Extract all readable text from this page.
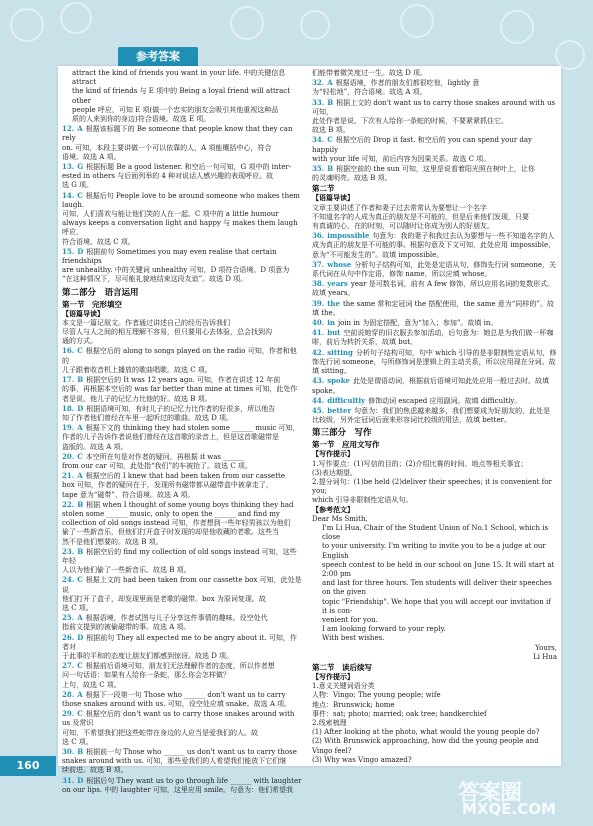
参考答案
attract the kind of friends you want in your life. 中的关键信息 attract
the kind of friends 与 E 项中的 Being a loyal friend will attract other
people 呼应，可知 E 项(做一个忠实的朋友会吸引其他重视这种品
质的人来到你的身边)符合语境。故选 E 项。
12. A 根据该标题下的 Be someone that people know that they can rely
on. 可知，本段主要讲做一个可以依靠的人，A 项能概括中心，符合
语境。故选 A 项。
13. G 根据标题 Be a good listener. 和空后一句可知，G 项中的 inter-
ested in others 与后面列举的 4 种对说话人感兴趣的表现呼应。故
选 G 项。
14. C 根据后句 People love to be around someone who makes them laugh.
可知，人们喜欢与能让他们笑的人在一起。C 项中的 a little humour
always keeps a conversation light and happy 与 makes them laugh 呼应，
符合语境。故选 C 项。
15. D 根据前句 Sometimes you may even realise that certain friendships
are unhealthy. 中的关键词 unhealthy 可知，D 项符合语境。D 项意为
“在这种情况下，尽可能礼貌地结束这段友谊”。故选 D 项。
第二部分　语言运用
第一节　完形填空
【语篇导读】
本文是一篇记叙文。作者通过讲述自己的经历告诉我们
尽管人与人之间的相互理解不容易，但只要用心去体验，总会找到沟
通的方式。
16. C 根据空后的 along to songs played on the radio 可知，作者和他的
儿子跟着收音机上播放的歌曲唱歌。故选 C 项。
17. B 根据空后的 It was 12 years ago. 可知，作者在讲述 12 年前
的事，再根据本空后的 was far better than mine at times 可知，此处作
者是说，他儿子的记忆力比他的好。故选 B 项。
18. D 根据语境可知，有时儿子的记忆力比作者的好很多，所以他告
知了作者他们曾经在车里一起听过的歌曲。故选 D 项。
19. A 根据下文的 thinking they had stolen some ______ music 可知，
作者的儿子告诉作者说他们曾经在这首歌的录音上，但是这首歌磁带是
盗版的。故选 A 项。
20. C 本空所在句是对作者的疑问，再根据 it was ______
from our car 可知，此处指“我们”的车被抢了。故选 C 项。
21. A 根据空后的 I knew that had been taken from our cassette
box 可知，作者的疑问在于，发现所有磁带都从磁带盒中被拿走了，
tape 意为“磁带”，符合语境。故选 A 项。
22. B 根据 when I thought of some young boys thinking they had
stolen some ______ music, only to open the ______ and find my
collection of old songs instead 可知，作者想到一些年轻男孩以为他们
偷了一些新音乐，但他们打开盒子时发现的却是他收藏的老歌。这些当
然不是他们想要的。故选 B 项。
23. B 根据空后的 find my collection of old songs instead 可知，这些年轻
人以为他们偷了一些新音乐。故选 B 项。
24. C 根据上文的 had been taken from our cassette box 可知，此处是说
他们打开了盒子，却发现里面是老歌的磁带。box 为原词复现。故
选 C 项。
25. A 根据语境，作者试图与儿子分享这件事情的趣味。设空处代
指前文提到的被偷磁带的事。故选 A 项。
26. D 根据前句 They all expected me to be angry about it. 可知，作者对
于此事的平和的态度让朋友们都感到惊讶。故选 D 项。
27. C 根据前后语境可知，朋友们无法理解作者的态度，所以作者想
问一句话语：如果有人给你一条蛇，那么你会怎样做？
上句，故选 C 项。
28. A 根据下一段第一句 Those who ______ don't want us to carry
those snakes around with us. 可知，设空处应填 snake。故选 A 项。
29. C 根据空后的 don't want us to carry those snakes around with us 及常识
可知，不希望我们把这些蛇带在身边的人应当是爱我们的人。故
选 C 项。
30. B 根据前一句 Those who ______ us don't want us to carry those
snakes around with us. 可知，那些爱我们的人希望我们能放下它们继
续前进。故选 B 项。
31. D 根据后句 They want us to go through life ______ with laughter
on our lips. 中的 laughter 可知，这里应用 smile。句意为：他们希望我
们能带着微笑度过一生。故选 D 项。
32. A 根据语境，作者的朋友们都很吃惊，lightly 意
为“轻松地”，符合语境。故选 A 项。
33. B 根据上文的 don't want us to carry those snakes around with us 可知，
此处作者是说，下次有人给你一条蛇的时候，不要紧紧抓住它。
故选 B 项。
34. C 根据空后的 Drop it fast. 和空后的 you can spend your day happily
with your life 可知，前后内容为因果关系。故选 C 项。
35. B 根据空前的 the sun 可知，这里是说看着阳光照在树叶上，让你
的灵魂明亮。故选 B 项。
第二节
【语篇导读】
文章主要讲述了作者和妻子过去常常认为要想让一个名字
不知道名字的人成为真正的朋友是不可能的，但是后来他们发现，只要
有真诚的心，在的时刻，可以随时让你成为别人的好朋友。
36. impossible 句意为：我的妻子和我过去认为要想与一些不知道名字的人成为真正的朋友是不可能的事。根据句意及下文可知，此处应用 impossible，意为“不可能发生的”。故填 impossible。
37. whose 分析句子结构可知，此处是定语从句，修饰先行词 someone，关系代词在从句中作定语，修饰 name，所以应填 whose。
38. years year 是可数名词，前有 A few 修饰，所以应用名词的复数形式。故填 years。
39. the the same 常和定冠词 the 搭配使用，the same 意为“同样的”。故填 the。
40. in join in 为固定搭配，意为“加入；参加”。故填 in。
41. but 空前说她穿的旧衣服去参加活动，后句意为：她总是为我们做一杯咖啡，前后为转折关系，故填 but。
42. sitting 分析句子结构可知，句中 which 引导的是非限制性定语从句，修饰先行词 someone，与所修饰词是逻辑上的主动关系，所以应用现在分词。故填 sitting。
43. spoke 此处是谓语动词，根据前后语境可知此处应用一般过去时。故填 spoke。
44. difficultly 修饰动词 escaped 应用副词。故填 difficultly。
45. better 句意为：我们的焦虑越来越多，我们想要成为好朋友的，此处是比较级，另外定冠词后面来形容词比较级的用法，故填 better。
第三部分　写作
第一节　应用文写作
【写作提示】
1.写作要点：(1)写信的目的；(2)介绍比赛的时间、地点等相关事宜；
(3)表达期望。
2.提分词句：(1)be held (2)deliver their speeches; it is convenient for you;
which 引导非限制性定语从句。
【参考范文】
Dear Ms Smith,
I'm Li Hua, Chair of the Student Union of No.1 School, which is close
to your university. I'm writing to invite you to be a judge at our English
speech contest to be held in our school on June 15. It will start at 2:00 pm
and last for three hours. Ten students will deliver their speeches on the given
topic "Friendship". We hope that you will accept our invitation if it is con-
venient for you.
I am looking forward to your reply.
With best wishes.
Yours,
Li Hua
第二节　读后续写
【写作提示】
1.意义关键词语分类
人物：Vingo; The young people; wife
地点：Brunswick; home
事件：sat; photo; married; oak tree; handkerchief
2.线索梳理
(1) After looking at the photo, what would the young people do?
(2) With Brunswick approaching, how did the young people and Vingo feel?
(3) Why was Vingo amazed?
160
答案圈
MXQE.COM
